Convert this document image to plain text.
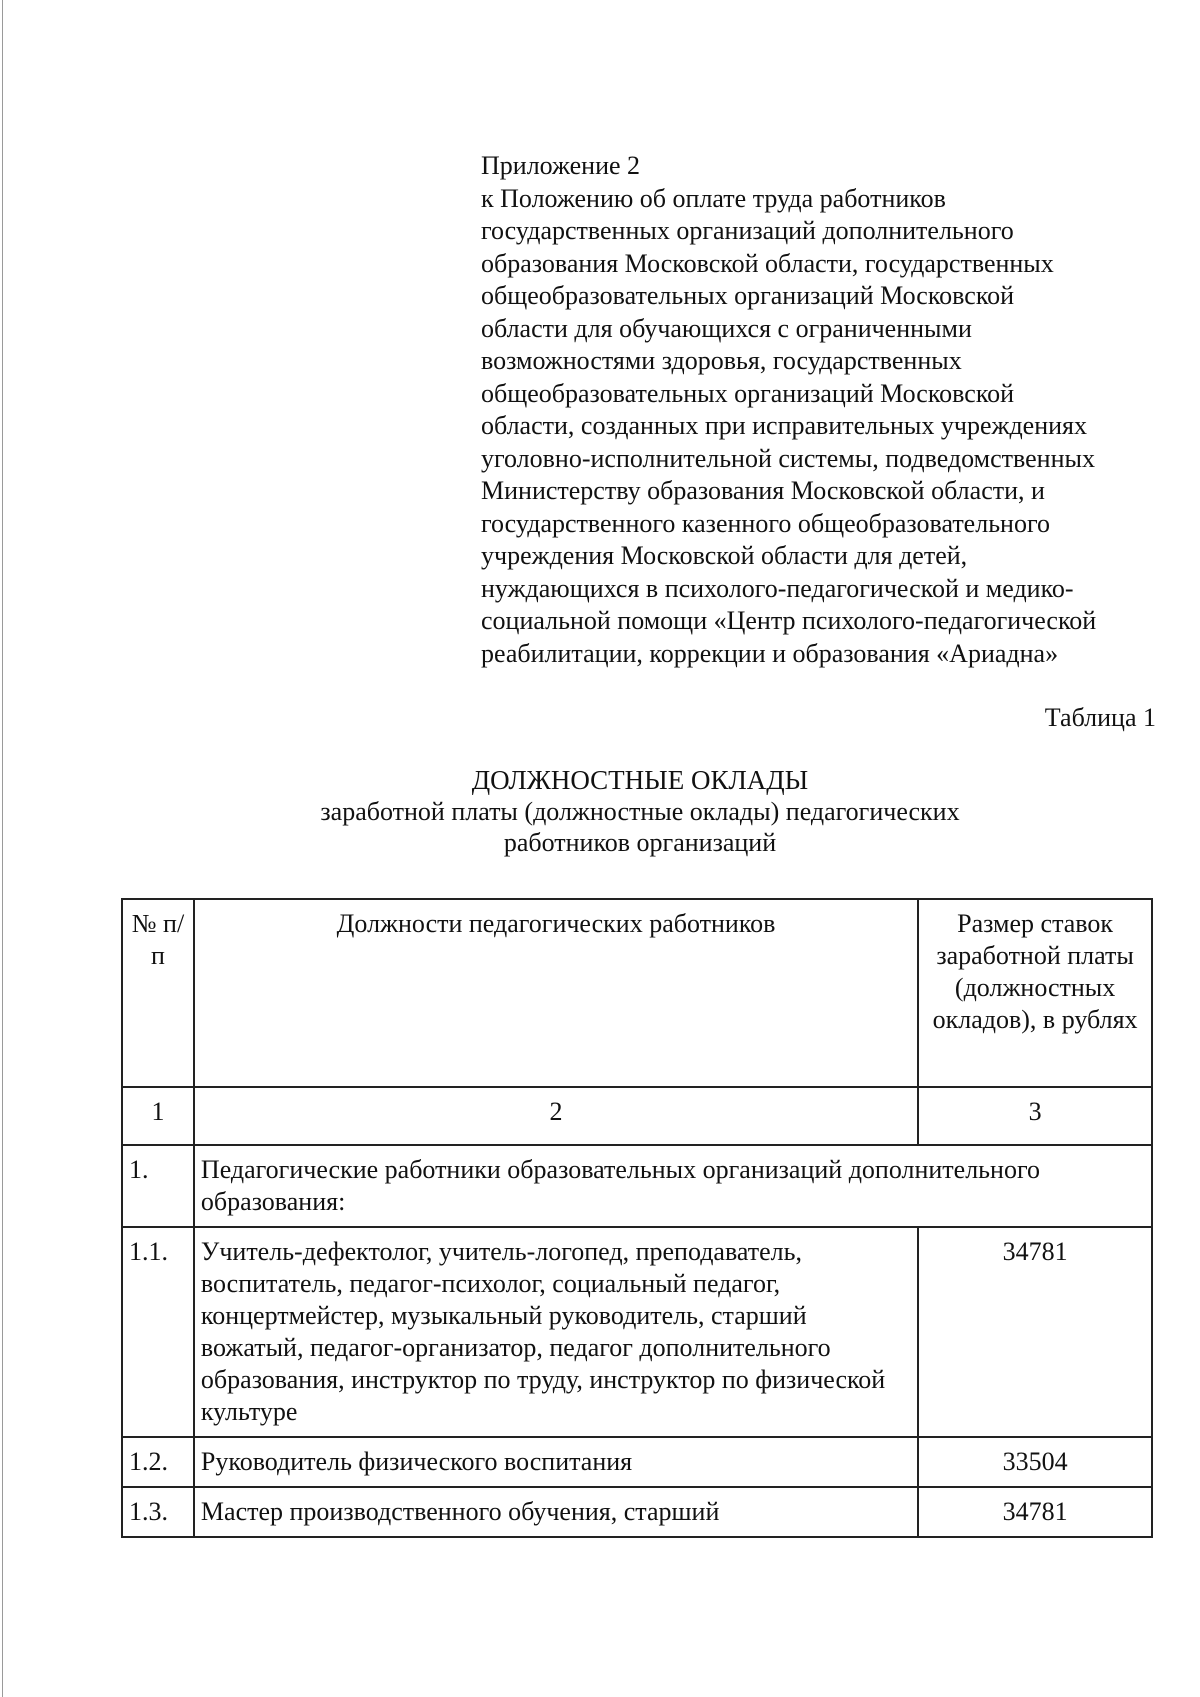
Приложение 2
к Положению об оплате труда работников
государственных организаций дополнительного
образования Московской области, государственных
общеобразовательных организаций Московской
области для обучающихся с ограниченными
возможностями здоровья, государственных
общеобразовательных организаций Московской
области, созданных при исправительных учреждениях
уголовно-исполнительной системы, подведомственных
Министерству образования Московской области, и
государственного казенного общеобразовательного
учреждения Московской области для детей,
нуждающихся в психолого-педагогической и медико-
социальной помощи «Центр психолого-педагогической
реабилитации, коррекции и образования «Ариадна»
Таблица 1
ДОЛЖНОСТНЫЕ ОКЛАДЫ
заработной платы (должностные оклады) педагогических
работников организаций
№ п/п	Должности педагогических работников	Размер ставок заработной платы (должностных окладов), в рублях
1	2	3
1.	Педагогические работники образовательных организаций дополнительного образования:	
1.1.	Учитель-дефектолог, учитель-логопед, преподаватель, воспитатель, педагог-психолог, социальный педагог, концертмейстер, музыкальный руководитель, старший вожатый, педагог-организатор, педагог дополнительного образования, инструктор по труду, инструктор по физической культуре	34781
1.2.	Руководитель физического воспитания	33504
1.3.	Мастер производственного обучения, старший	34781
